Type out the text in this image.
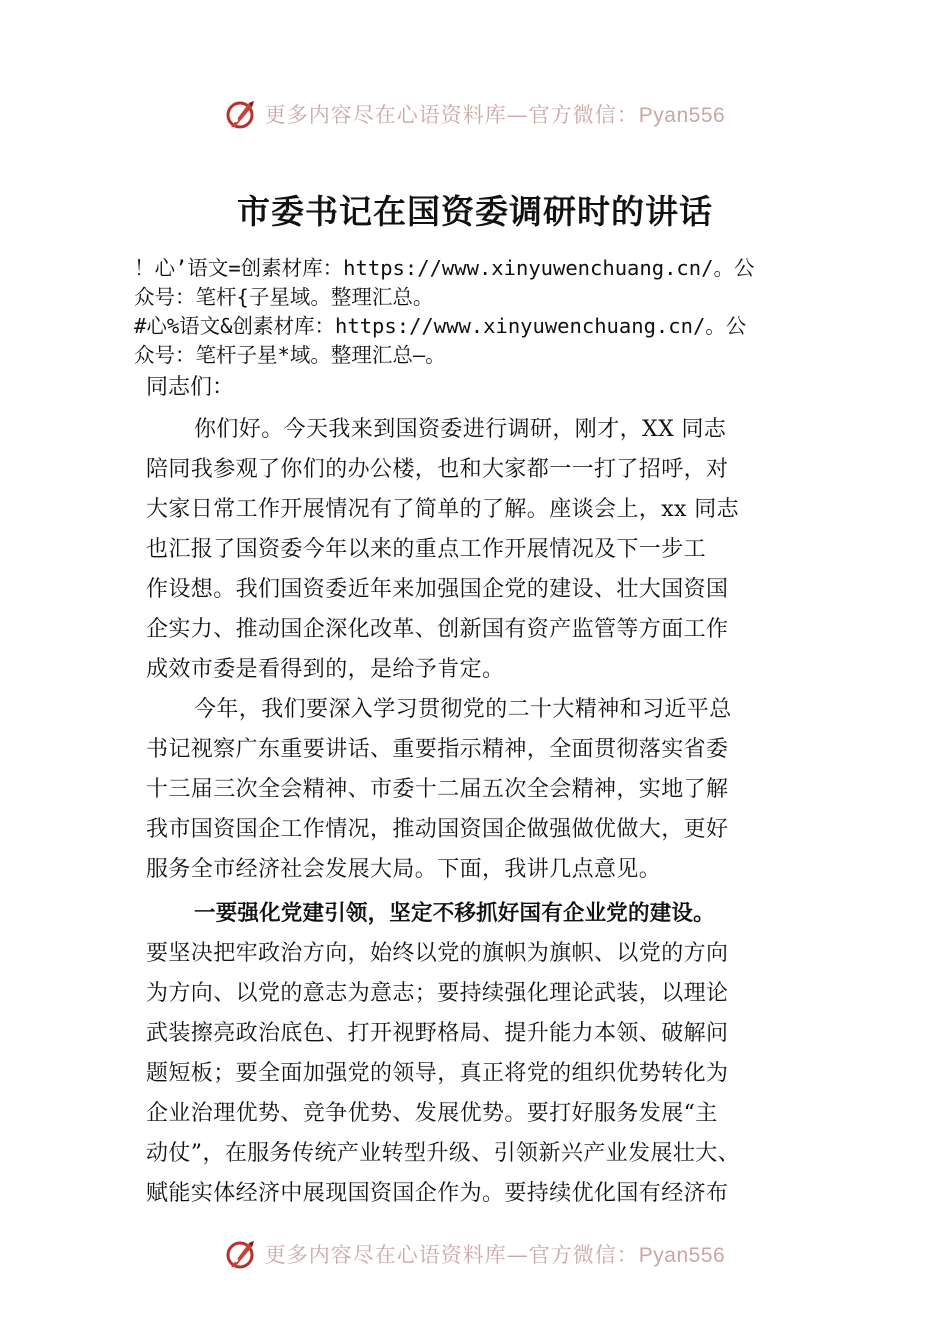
更多内容尽在心语资料库—官方微信：Pyan556
市委书记在国资委调研时的讲话
！心’语文=创素材库：https://www.xinyuwenchuang.cn/。公
众号：笔杆{子星域。整理汇总。
#心%语文&创素材库：https://www.xinyuwenchuang.cn/。公
众号：笔杆子星*域。整理汇总—。
同志们：
你们好。今天我来到国资委进行调研，刚才，XX 同志
陪同我参观了你们的办公楼，也和大家都一一打了招呼，对
大家日常工作开展情况有了简单的了解。座谈会上，xx 同志
也汇报了国资委今年以来的重点工作开展情况及下一步工
作设想。我们国资委近年来加强国企党的建设、壮大国资国
企实力、推动国企深化改革、创新国有资产监管等方面工作
成效市委是看得到的，是给予肯定。
今年，我们要深入学习贯彻党的二十大精神和习近平总
书记视察广东重要讲话、重要指示精神，全面贯彻落实省委
十三届三次全会精神、市委十二届五次全会精神，实地了解
我市国资国企工作情况，推动国资国企做强做优做大，更好
服务全市经济社会发展大局。下面，我讲几点意见。
一要强化党建引领，坚定不移抓好国有企业党的建设。
要坚决把牢政治方向，始终以党的旗帜为旗帜、以党的方向
为方向、以党的意志为意志；要持续强化理论武装，以理论
武装擦亮政治底色、打开视野格局、提升能力本领、破解问
题短板；要全面加强党的领导，真正将党的组织优势转化为
企业治理优势、竞争优势、发展优势。要打好服务发展“主
动仗”，在服务传统产业转型升级、引领新兴产业发展壮大、
赋能实体经济中展现国资国企作为。要持续优化国有经济布
更多内容尽在心语资料库—官方微信：Pyan556
